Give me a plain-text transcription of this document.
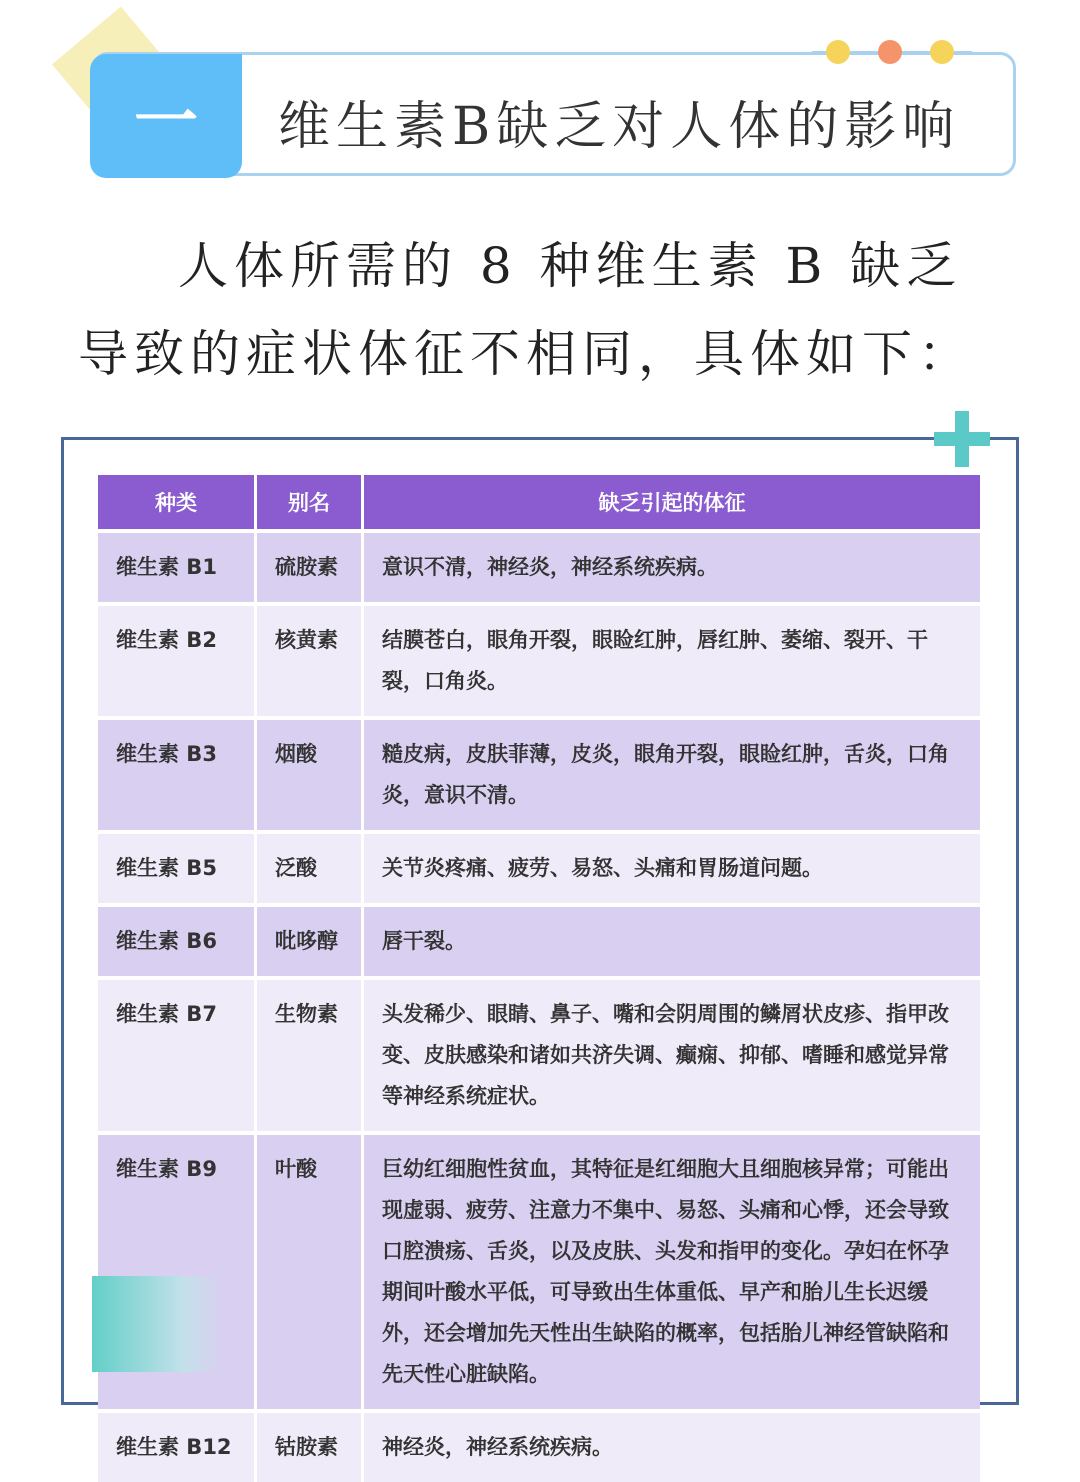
一	维生素B缺乏对人体的影响
人体所需的 8 种维生素 B 缺乏导致的症状体征不相同，具体如下：
种类	别名	缺乏引起的体征
维生素 B1	硫胺素	意识不清，神经炎，神经系统疾病。
维生素 B2	核黄素	结膜苍白，眼角开裂，眼睑红肿，唇红肿、萎缩、裂开、干裂，口角炎。
维生素 B3	烟酸	糙皮病，皮肤菲薄，皮炎，眼角开裂，眼睑红肿，舌炎，口角炎，意识不清。
维生素 B5	泛酸	关节炎疼痛、疲劳、易怒、头痛和胃肠道问题。
维生素 B6	吡哆醇	唇干裂。
维生素 B7	生物素	头发稀少、眼睛、鼻子、嘴和会阴周围的鳞屑状皮疹、指甲改变、皮肤感染和诸如共济失调、癫痫、抑郁、嗜睡和感觉异常等神经系统症状。
维生素 B9	叶酸	巨幼红细胞性贫血，其特征是红细胞大且细胞核异常；可能出现虚弱、疲劳、注意力不集中、易怒、头痛和心悸，还会导致口腔溃疡、舌炎，以及皮肤、头发和指甲的变化。孕妇在怀孕期间叶酸水平低，可导致出生体重低、早产和胎儿生长迟缓外，还会增加先天性出生缺陷的概率，包括胎儿神经管缺陷和先天性心脏缺陷。
维生素 B12	钴胺素	神经炎，神经系统疾病。
